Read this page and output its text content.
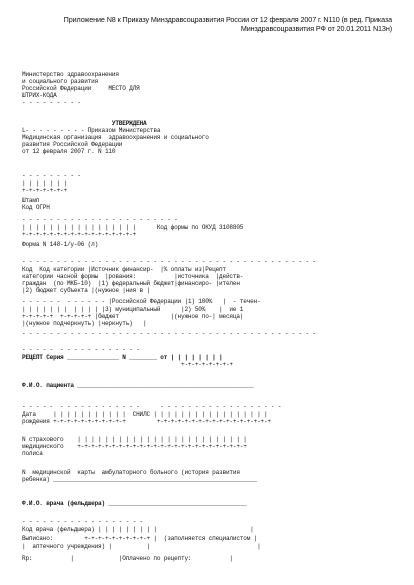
Приложение N8 к Приказу Минздравсоцразвития России от 12 февраля 2007 г. N110 (в ред. Приказа
Минздравсоцразвития РФ от 20.01.2011 N13н)
Министерство здравоохранения
и социального развития
Российской Федерации     МЕСТО ДЛЯ
ШТРИХ-КОДА
- - - - - - - - -
УТВЕРЖДЕНА
L- - - - - - - - - Приказом Министерства
Медицинская организация  здравоохранения и социального
развития Российской Федерации
от 12 февраля 2007 г. N 110
- - - - - - - - -
| | | | | | |
+-+-+-+-+-+-+
Штамп
Код ОГРН
- - - - - - - - - - - - - - - - - - - - - - -
| | | | | | | | | | | | | | | | |      Код формы по ОКУД 3108805
+-+-+-+-+-+-+-+-+-+-+-+-+-+-+-+-+
Форма N 148-1/у-06 (л)
- - - - - - - - - - - - - - - - - - - - - - - - - - - - - - - - - - - - - - - - - - -
Код  Код категории |Источник финансир-  |% оплаты из|Рецепт
категории часной формы  |рования:           |источника  |действ-
граждан  (по МКБ-10)  |1) федеральный бюджет|финансиро- |ителен
|2) бюджет субъекта |(нужное |ния в |
- - - - - -  - - - - - - |Российской Федерации |1) 100%   |  - течен-
| | | | | | |  | | | | |3) муниципальный      |2) 50%    |  ие 1
+-+-+-+-+  +-+-+-+-+ |бюджет               |(нужное по-| месяца|
|(нужное подчеркнуть) |черкнуть)   |
- - - - - - - - - - - - - - - - - - - - - - - - - - - - - - - - - - - - - - - - - - -
- - - - -  - - - - - - - - - - - -
РЕЦЕПТ Серия _______________ N ________ от | | | | | | | |
+-+-+-+-+-+-+-+
Ф.И.О. пациента ___________________________________________________
- - - - -  - - - - - - - - - - - -      - - - - - - - - - - - - - - - - - -
Дата     | | | | | | | | | | |  СНИЛС | | | | | | | | | | | | | | | | |
рождения +-+-+-+-+-+-+-+-+-+-+         +-+-+-+-+-+-+-+-+-+-+-+-+-+-+-+-+
N страхового    | | | | | | | | | | | | | | | | | | | | | | | | |
медицинского    +-+-+-+-+-+-+-+-+-+-+-+-+-+-+-+-+-+-+-+-+-+-+-+-+
полиса
N  медицинской  карты  амбулаторного больного (история развития
ребенка) ___________________________________________________________
Ф.И.О. врача (фельдшера) ________________________________________
- - - - - - - - - - - - - - - - - -
Код врача (фельдшера) | | | | | | | | |                           |
Выписано:         +-+-+-+-+-+-+-+-+-+ |  (заполняется специалистом |
|  аптечного учреждения) |          |                               |
Rp:           |             |Оплачено по рецепту:           |
